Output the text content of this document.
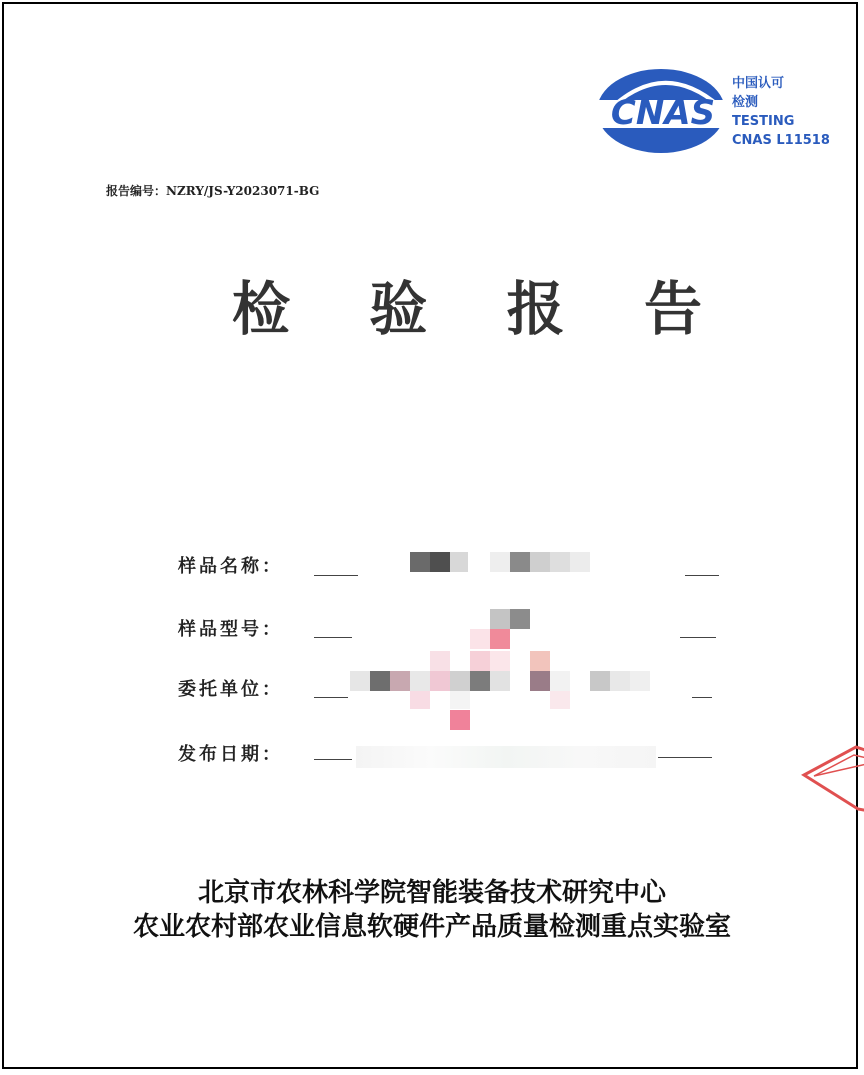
CNAS
中国认可
检测
TESTING
CNAS L11518
报告编号：NZRY/JS-Y2023071-BG
检 验 报 告
样品名称：
样品型号：
委托单位：
发布日期：
北京市农林科学院智能装备技术研究中心
农业农村部农业信息软硬件产品质量检测重点实验室
